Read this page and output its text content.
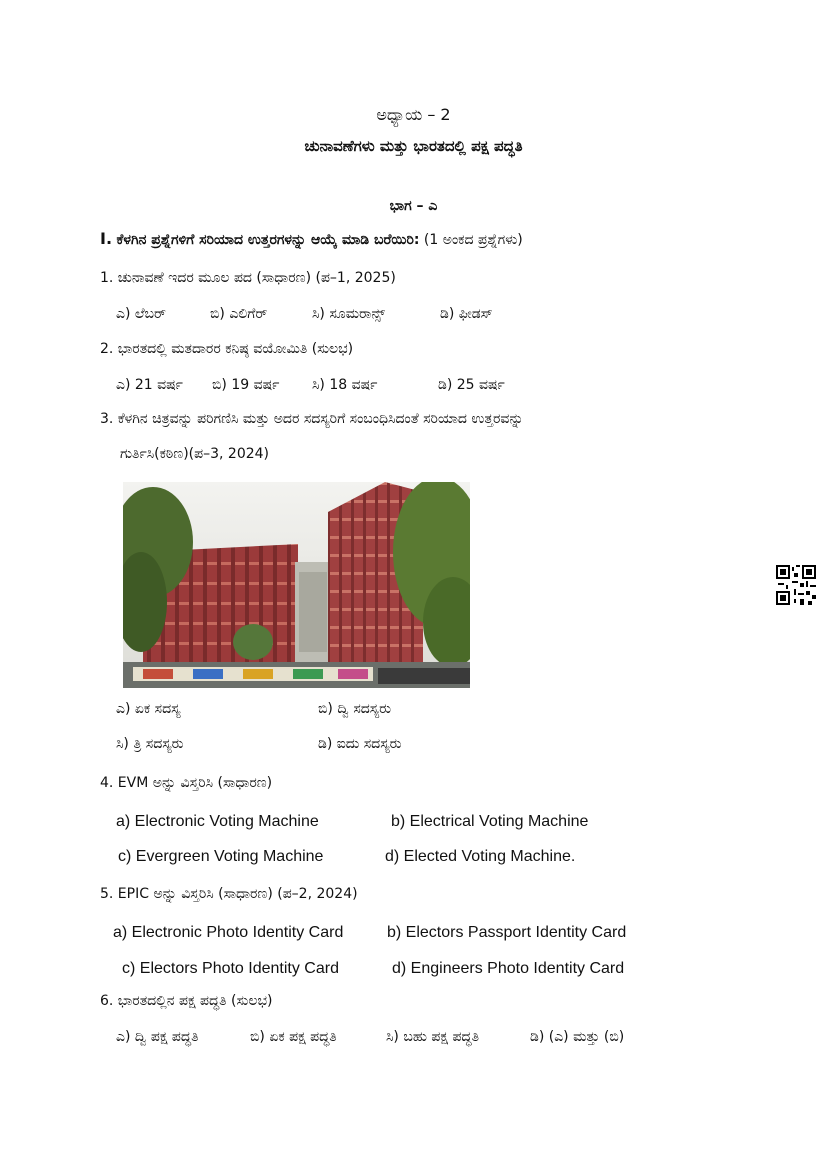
ಅಧ್ಯಾಯ – 2
ಚುನಾವಣೆಗಳು ಮತ್ತು ಭಾರತದಲ್ಲಿ ಪಕ್ಷ ಪದ್ಧತಿ
ಭಾಗ – ಎ
I. ಕೆಳಗಿನ ಪ್ರಶ್ನೆಗಳಿಗೆ ಸರಿಯಾದ ಉತ್ತರಗಳನ್ನು ಆಯ್ಕೆ ಮಾಡಿ ಬರೆಯಿರಿ: (1 ಅಂಕದ ಪ್ರಶ್ನೆಗಳು)
1. ಚುನಾವಣೆ ಇದರ ಮೂಲ ಪದ (ಸಾಧಾರಣ) (ಪ–1, 2025)
ಎ) ಲೆಬರ್	ಬಿ) ಎಲಿಗೆರ್	ಸಿ) ಸೂಮರಾನ್ಸ್	ಡಿ) ಫೀಡಸ್
2. ಭಾರತದಲ್ಲಿ ಮತದಾರರ ಕನಿಷ್ಠ ವಯೋಮಿತಿ (ಸುಲಭ)
ಎ) 21 ವರ್ಷ ಬಿ) 19 ವರ್ಷ ಸಿ) 18 ವರ್ಷ	ಡಿ) 25 ವರ್ಷ
3. ಕೆಳಗಿನ ಚಿತ್ರವನ್ನು ಪರಿಗಣಿಸಿ ಮತ್ತು ಅದರ ಸದಸ್ಯರಿಗೆ ಸಂಬಂಧಿಸಿದಂತೆ ಸರಿಯಾದ ಉತ್ತರವನ್ನು
ಗುರ್ತಿಸಿ(ಕಠಿಣ)(ಪ–3, 2024)
ಎ) ಏಕ ಸದಸ್ಯ	ಬಿ) ದ್ವಿ ಸದಸ್ಯರು
ಸಿ) ತ್ರಿ ಸದಸ್ಯರು	ಡಿ) ಐದು ಸದಸ್ಯರು
4. EVM ಅನ್ನು ವಿಸ್ತರಿಸಿ (ಸಾಧಾರಣ)
a) Electronic Voting Machine	b) Electrical Voting Machine
c) Evergreen Voting Machine	d) Elected Voting Machine.
5. EPIC ಅನ್ನು ವಿಸ್ತರಿಸಿ (ಸಾಧಾರಣ) (ಪ–2, 2024)
a) Electronic Photo Identity Card	b) Electors Passport Identity Card
c) Electors Photo Identity Card	d) Engineers Photo Identity Card
6. ಭಾರತದಲ್ಲಿನ ಪಕ್ಷ ಪದ್ಧತಿ (ಸುಲಭ)
ಎ) ದ್ವಿ ಪಕ್ಷ ಪದ್ಧತಿ	ಬಿ) ಏಕ ಪಕ್ಷ ಪದ್ಧತಿ	ಸಿ) ಬಹು ಪಕ್ಷ ಪದ್ಧತಿ	ಡಿ) (ಎ) ಮತ್ತು (ಬಿ)
